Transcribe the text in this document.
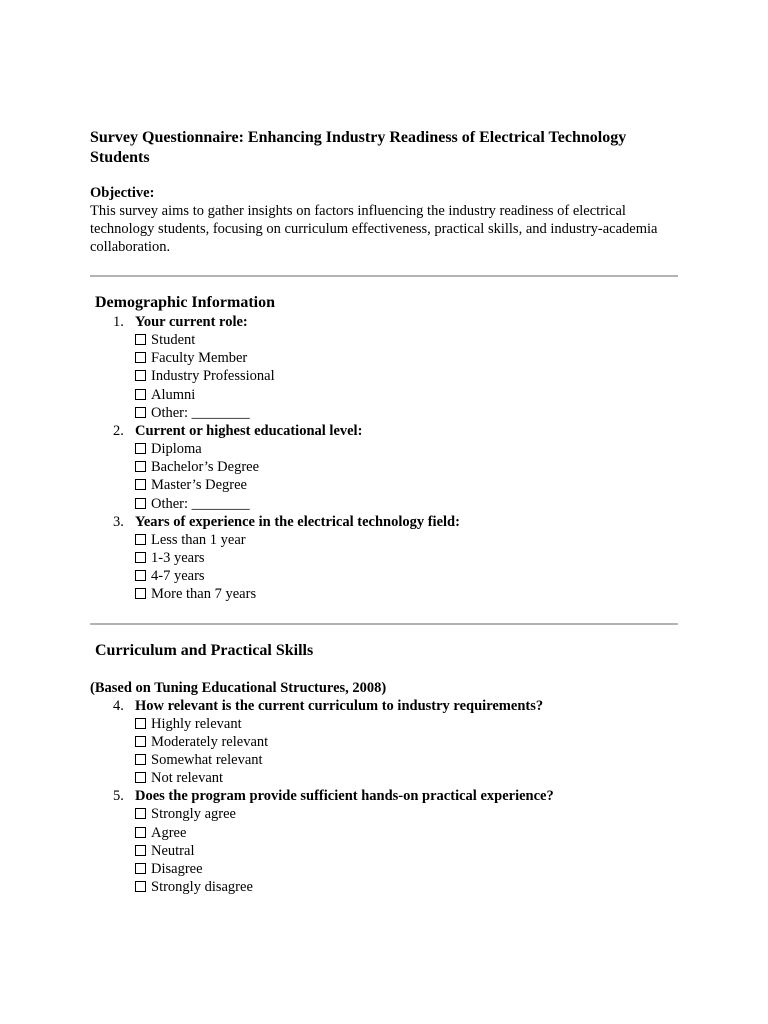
Survey Questionnaire: Enhancing Industry Readiness of Electrical Technology Students
Objective:
This survey aims to gather insights on factors influencing the industry readiness of electrical technology students, focusing on curriculum effectiveness, practical skills, and industry-academia collaboration.
Demographic Information
1. Your current role:
Student
Faculty Member
Industry Professional
Alumni
Other: ________
2. Current or highest educational level:
Diploma
Bachelor’s Degree
Master’s Degree
Other: ________
3. Years of experience in the electrical technology field:
Less than 1 year
1-3 years
4-7 years
More than 7 years
Curriculum and Practical Skills
(Based on Tuning Educational Structures, 2008)
4. How relevant is the current curriculum to industry requirements?
Highly relevant
Moderately relevant
Somewhat relevant
Not relevant
5. Does the program provide sufficient hands-on practical experience?
Strongly agree
Agree
Neutral
Disagree
Strongly disagree
